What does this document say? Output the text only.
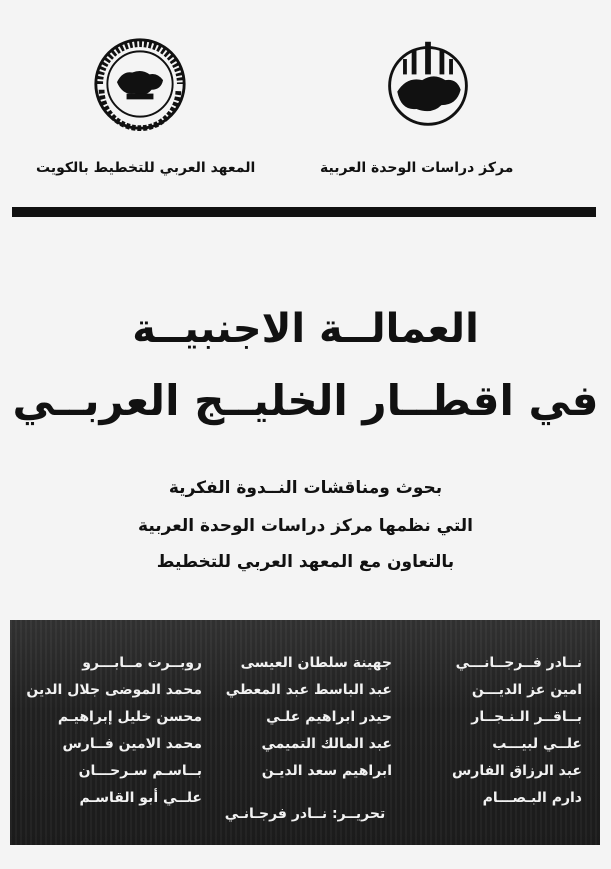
المعهد العربي للتخطيط بالكويت	مركز دراسات الوحدة العربية
العمالــة الاجنبيــة
في اقطــار الخليــج العربــي
بحوث ومناقشات النــدوة الفكرية
التي نظمها مركز دراسات الوحدة العربية
بالتعاون مع المعهد العربي للتخطيط
نــادر فــرجــانـــي
امين عز الديـــن
بــاقــر الـنـجــار
علــي لبيـــب
عبد الرزاق الفارس
دارم البـصـــام
جهينة سلطان العيسى
عبد الباسط عبد المعطي
حيدر ابراهيم علـي
عبد المالك التميمي
ابراهيم سعد الديـن
روبــرت مــابـــرو
محمد الموضى جلال الدين
محسن خليل إبراهيـم
محمد الامين فــارس
بــاسـم سـرحـــان
علــي أبو القاسـم
تحريــر: نــادر فرجـانـي
